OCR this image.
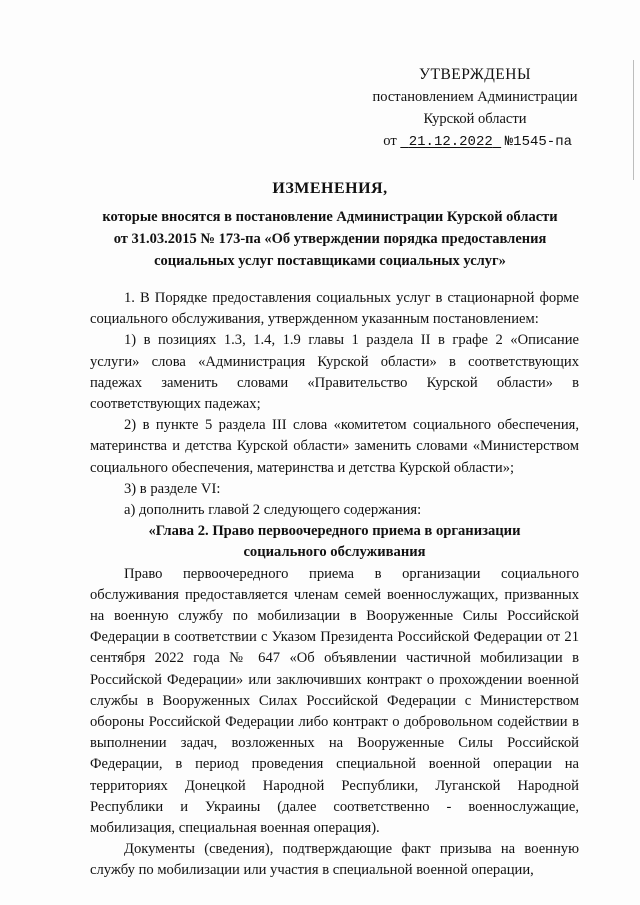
УТВЕРЖДЕНЫ
постановлением Администрации
Курской области
от 21.12.2022 №1545-па
ИЗМЕНЕНИЯ,
которые вносятся в постановление Администрации Курской области
от 31.03.2015 № 173-па «Об утверждении порядка предоставления
социальных услуг поставщиками социальных услуг»

1. В Порядке предоставления социальных услуг в стационарной форме социального обслуживания, утвержденном указанным постановлением:

1) в позициях 1.3, 1.4, 1.9 главы 1 раздела II в графе 2 «Описание услуги» слова «Администрация Курской области» в соответствующих падежах заменить словами «Правительство Курской области» в соответствующих падежах;

2) в пункте 5 раздела III слова «комитетом социального обеспечения, материнства и детства Курской области» заменить словами «Министерством социального обеспечения, материнства и детства Курской области»;

3) в разделе VI:

а) дополнить главой 2 следующего содержания:

«Глава 2. Право первоочередного приема в организации

социального обслуживания

Право первоочередного приема в организации социального обслуживания предоставляется членам семей военнослужащих, призванных на военную службу по мобилизации в Вооруженные Силы Российской Федерации в соответствии с Указом Президента Российской Федерации от 21 сентября 2022 года № 647 «Об объявлении частичной мобилизации в Российской Федерации» или заключивших контракт о прохождении военной службы в Вооруженных Силах Российской Федерации с Министерством обороны Российской Федерации либо контракт о добровольном содействии в выполнении задач, возложенных на Вооруженные Силы Российской Федерации, в период проведения специальной военной операции на территориях Донецкой Народной Республики, Луганской Народной Республики и Украины (далее соответственно - военнослужащие, мобилизация, специальная военная операция).

Документы (сведения), подтверждающие факт призыва на военную службу по мобилизации или участия в специальной военной операции,
